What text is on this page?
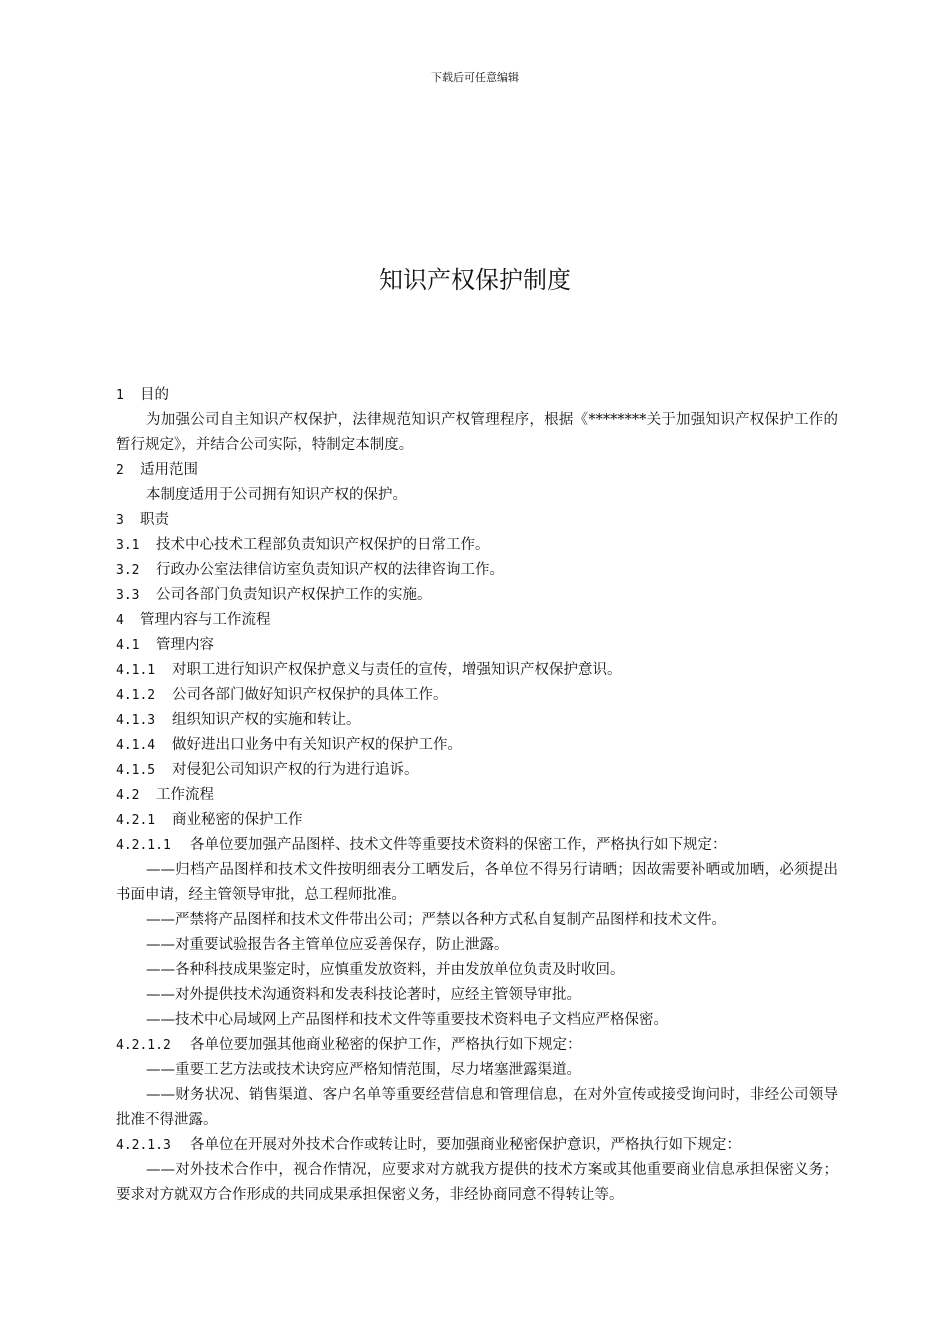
下载后可任意编辑
知识产权保护制度
1 目的
为加强公司自主知识产权保护，法律规范知识产权管理程序，根据《********关于加强知识产权保护工作的暂行规定》，并结合公司实际，特制定本制度。
2 适用范围
本制度适用于公司拥有知识产权的保护。
3 职责
3.1 技术中心技术工程部负责知识产权保护的日常工作。
3.2 行政办公室法律信访室负责知识产权的法律咨询工作。
3.3 公司各部门负责知识产权保护工作的实施。
4 管理内容与工作流程
4.1 管理内容
4.1.1 对职工进行知识产权保护意义与责任的宣传，增强知识产权保护意识。
4.1.2 公司各部门做好知识产权保护的具体工作。
4.1.3 组织知识产权的实施和转让。
4.1.4 做好进出口业务中有关知识产权的保护工作。
4.1.5 对侵犯公司知识产权的行为进行追诉。
4.2 工作流程
4.2.1 商业秘密的保护工作
4.2.1.1 各单位要加强产品图样、技术文件等重要技术资料的保密工作，严格执行如下规定：
——归档产品图样和技术文件按明细表分工晒发后，各单位不得另行请晒；因故需要补晒或加晒，必须提出书面申请，经主管领导审批，总工程师批准。
——严禁将产品图样和技术文件带出公司；严禁以各种方式私自复制产品图样和技术文件。
——对重要试验报告各主管单位应妥善保存，防止泄露。
——各种科技成果鉴定时，应慎重发放资料，并由发放单位负责及时收回。
——对外提供技术沟通资料和发表科技论著时，应经主管领导审批。
——技术中心局域网上产品图样和技术文件等重要技术资料电子文档应严格保密。
4.2.1.2 各单位要加强其他商业秘密的保护工作，严格执行如下规定：
——重要工艺方法或技术诀窍应严格知情范围，尽力堵塞泄露渠道。
——财务状况、销售渠道、客户名单等重要经营信息和管理信息，在对外宣传或接受询问时，非经公司领导批准不得泄露。
4.2.1.3 各单位在开展对外技术合作或转让时，要加强商业秘密保护意识，严格执行如下规定：
——对外技术合作中，视合作情况，应要求对方就我方提供的技术方案或其他重要商业信息承担保密义务；要求对方就双方合作形成的共同成果承担保密义务，非经协商同意不得转让等。
